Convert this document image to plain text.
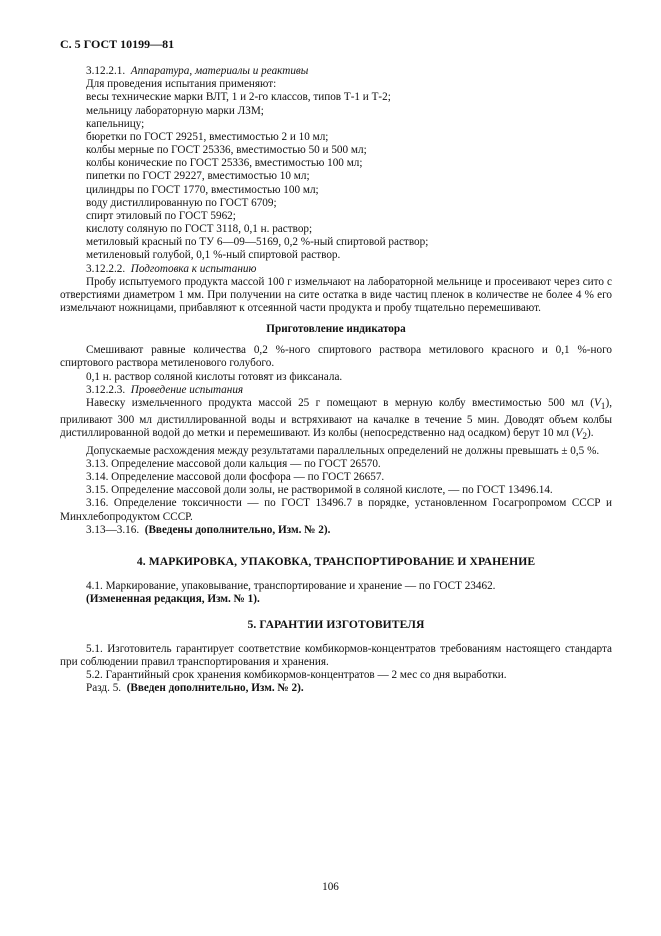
С. 5 ГОСТ 10199—81

3.12.2.1. Аппаратура, материалы и реактивы

Для проведения испытания применяют:

весы технические марки ВЛТ, 1 и 2-го классов, типов Т-1 и Т-2;

мельницу лабораторную марки ЛЗМ;

капельницу;

бюретки по ГОСТ 29251, вместимостью 2 и 10 мл;

колбы мерные по ГОСТ 25336, вместимостью 50 и 500 мл;

колбы конические по ГОСТ 25336, вместимостью 100 мл;

пипетки по ГОСТ 29227, вместимостью 10 мл;

цилиндры по ГОСТ 1770, вместимостью 100 мл;

воду дистиллированную по ГОСТ 6709;

спирт этиловый по ГОСТ 5962;

кислоту соляную по ГОСТ 3118, 0,1 н. раствор;

метиловый красный по ТУ 6—09—5169, 0,2 %-ный спиртовой раствор;

метиленовый голубой, 0,1 %-ный спиртовой раствор.

3.12.2.2. Подготовка к испытанию

Пробу испытуемого продукта массой 100 г измельчают на лабораторной мельнице и просеивают через сито с отверстиями диаметром 1 мм. При получении на сите остатка в виде частиц пленок в количестве не более 4 % его измельчают ножницами, прибавляют к отсеянной части продукта и пробу тщательно перемешивают.

Приготовление индикатора

Смешивают равные количества 0,2 %-ного спиртового раствора метилового красного и 0,1 %-ного спиртового раствора метиленового голубого.

0,1 н. раствор соляной кислоты готовят из фиксанала.

3.12.2.3. Проведение испытания

Навеску измельченного продукта массой 25 г помещают в мерную колбу вместимостью 500 мл $(V_1)$, приливают 300 мл дистиллированной воды и встряхивают на качалке в течение 5 мин. Доводят объем колбы дистиллированной водой до метки и перемешивают. Из колбы (непосредственно над осадком) берут 10 мл $(V_2)$.

Допускаемые расхождения между результатами параллельных определений не должны превышать ± 0,5 %.

3.13. Определение массовой доли кальция — по ГОСТ 26570.

3.14. Определение массовой доли фосфора — по ГОСТ 26657.

3.15. Определение массовой доли золы, не растворимой в соляной кислоте, — по ГОСТ 13496.14.

3.16. Определение токсичности — по ГОСТ 13496.7 в порядке, установленном Госагропромом СССР и Минхлебопродуктом СССР.

3.13—3.16. (Введены дополнительно, Изм. № 2).

4. МАРКИРОВКА, УПАКОВКА, ТРАНСПОРТИРОВАНИЕ И ХРАНЕНИЕ

4.1. Маркирование, упаковывание, транспортирование и хранение — по ГОСТ 23462.

(Измененная редакция, Изм. № 1).

5. ГАРАНТИИ ИЗГОТОВИТЕЛЯ

5.1. Изготовитель гарантирует соответствие комбикормов-концентратов требованиям настоящего стандарта при соблюдении правил транспортирования и хранения.

5.2. Гарантийный срок хранения комбикормов-концентратов — 2 мес со дня выработки.

Разд. 5. (Введен дополнительно, Изм. № 2).

106
